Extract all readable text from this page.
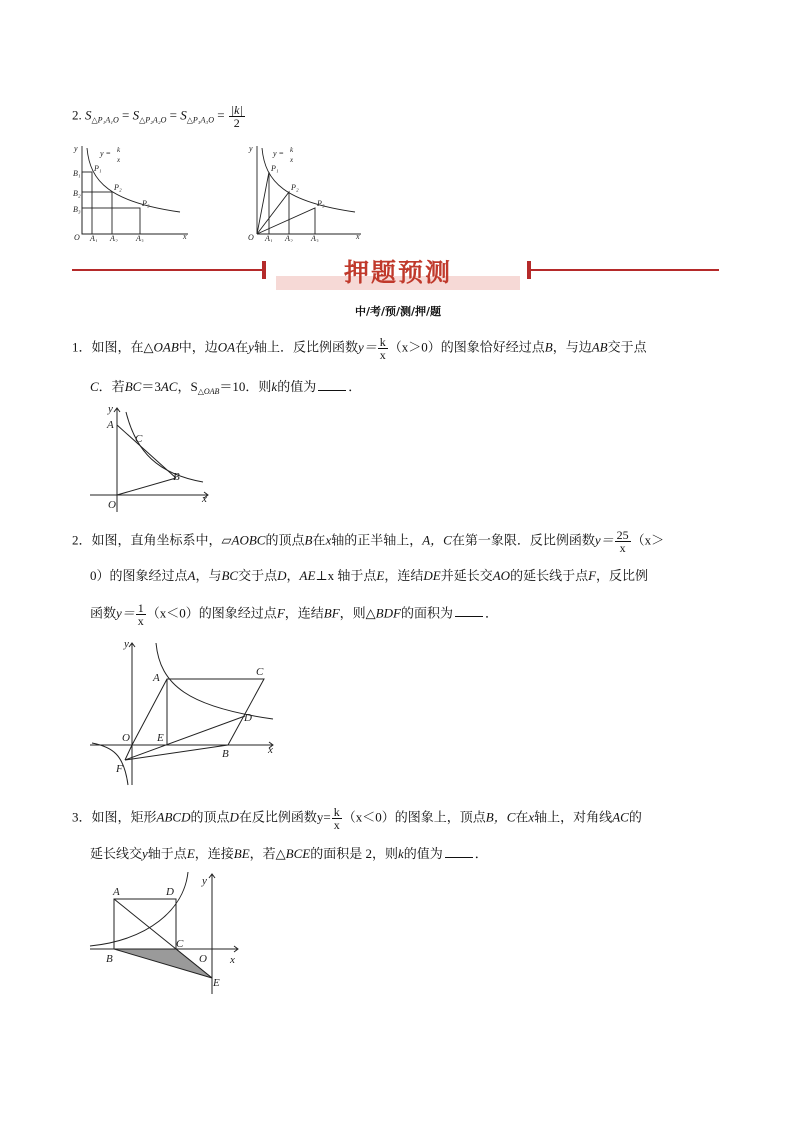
2. $S_{\triangle P_1A_1O} = S_{\triangle P_2A_2O} = S_{\triangle P_3A_3O} = \frac{|k|}{2}$
y
B₁
B₂
B₃
P₁
P₂
P₃
O A₁ A₂ A₃	x
y = k
x
y
P₁
P₂
P₃
O A₁ A₂ A₃	x
y = k
x
押题预测
中/考/预/测/押/题
1．如图，在△OAB中，边OA在y轴上．反比例函数$y= \frac{k}{x} (x>0)$的图象恰好经过点B，与边AB交于点
C．若BC＝3AC，$S_{\triangle OAB}=10$．则k的值为 ．
y
A
C
B
O	x
2．如图，直角坐标系中，▱AOBC的顶点B在x轴的正半轴上，A，C在第一象限．反比例函数$y= \frac{25}{x} (x>$
0）的图象经过点A，与BC交于点D，AE⊥x 轴于点E，连结DE并延长交AO的延长线于点F，反比例
函数$y= \frac{1}{x} (x<0)$的图象经过点F，连结BF，则△BDF的面积为 ．
y
A	C
D
O E
B	x
F
3．如图，矩形ABCD的顶点D在反比例函数$y= \frac{k}{x} (x<0)$的图象上，顶点B，C在x轴上，对角线AC的
延长线交y轴于点E，连接BE，若△BCE的面积是 2，则k的值为 ．
y
A	D
C
B	O x
E
